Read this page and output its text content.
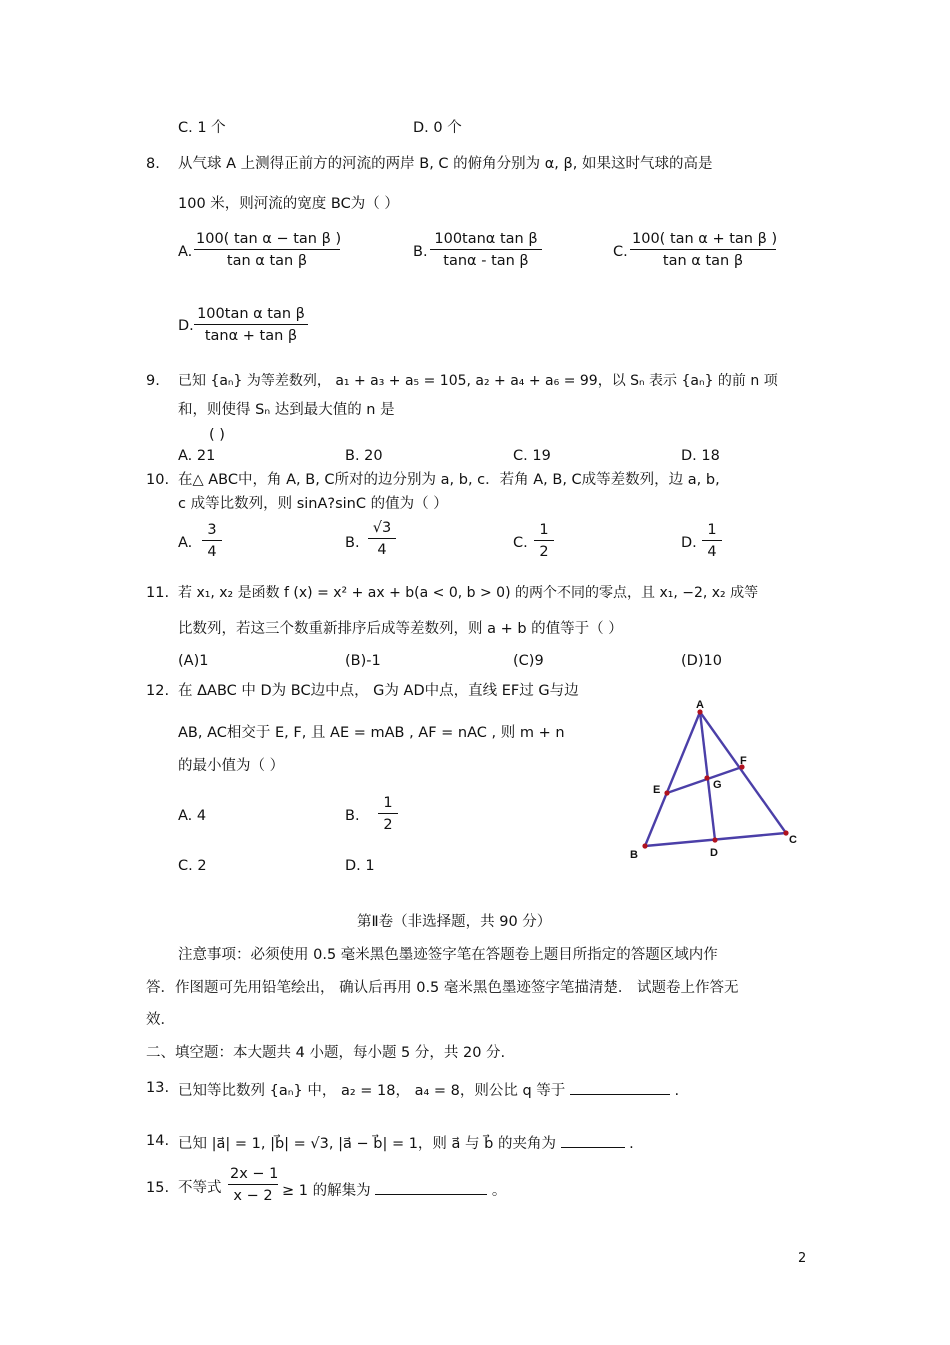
C. 1 个	D. 0 个
8. 从气球 A 上测得正前方的河流的两岸 B, C 的俯角分别为 α, β, 如果这时气球的高是
100 米，则河流的宽度 BC为（ ）
A. $\frac{\text{100( tan α − tan β )}}{\text{tan α tan β}}$	B. $\frac{\text{100tanα tan β}}{\text{tanα - tan β}}$	C. $\frac{\text{100( tan α + tan β )}}{\text{tan α tan β}}$
D. $\frac{\text{100tan α tan β}}{\text{tanα + tan β}}$
9. 已知 {aₙ} 为等差数列， a₁ + a₃ + a₅ = 105, a₂ + a₄ + a₆ = 99，以 Sₙ 表示 {aₙ} 的前 n 项
和，则使得 Sₙ 达到最大值的 n 是
( )
A. 21	B. 20	C. 19	D. 18
10. 在△ ABC中，角 A, B, C所对的边分别为 a, b, c．若角 A, B, C成等差数列，边 a, b,
c 成等比数列，则 sinA?sinC 的值为（ ）
A. $\frac{3}{4}$	B. $\frac{√3}{4}$	C. $\frac{1}{2}$	D. $\frac{1}{4}$
11. 若 x₁, x₂ 是函数 f (x) = x² + ax + b(a < 0, b > 0) 的两个不同的零点，且 x₁, −2, x₂ 成等
比数列，若这三个数重新排序后成等差数列，则 a + b 的值等于（ ）
(A)1	(B)-1	(C)9	(D)10
12. 在 ΔABC 中 D为 BC边中点， G为 AD中点，直线 EF过 G与边
AB, AC相交于 E, F, 且 AE = mAB , AF = nAC , 则 m + n
的最小值为（ ）
A. 4	B. $\frac{1}{2}$
C. 2	D. 1
A
B
C
D
E
F
G
第Ⅱ卷（非选择题，共 90 分）
注意事项：必须使用 0.5 毫米黑色墨迹签字笔在答题卷上题目所指定的答题区域内作
答．作图题可先用铅笔绘出， 确认后再用 0.5 毫米黑色墨迹签字笔描清楚． 试题卷上作答无
效．
二、填空题：本大题共 4 小题，每小题 5 分，共 20 分.
13. 已知等比数列 {aₙ} 中， a₂ = 18， a₄ = 8，则公比 q 等于	.
14. 已知 |a⃗| = 1, |b⃗| = √3, |a⃗ − b⃗| = 1，则 a⃗ 与 b⃗ 的夹角为	.
15. 不等式 $\frac{2x - 1}{x - 2} \ge 1$ 的解集为	。
2
